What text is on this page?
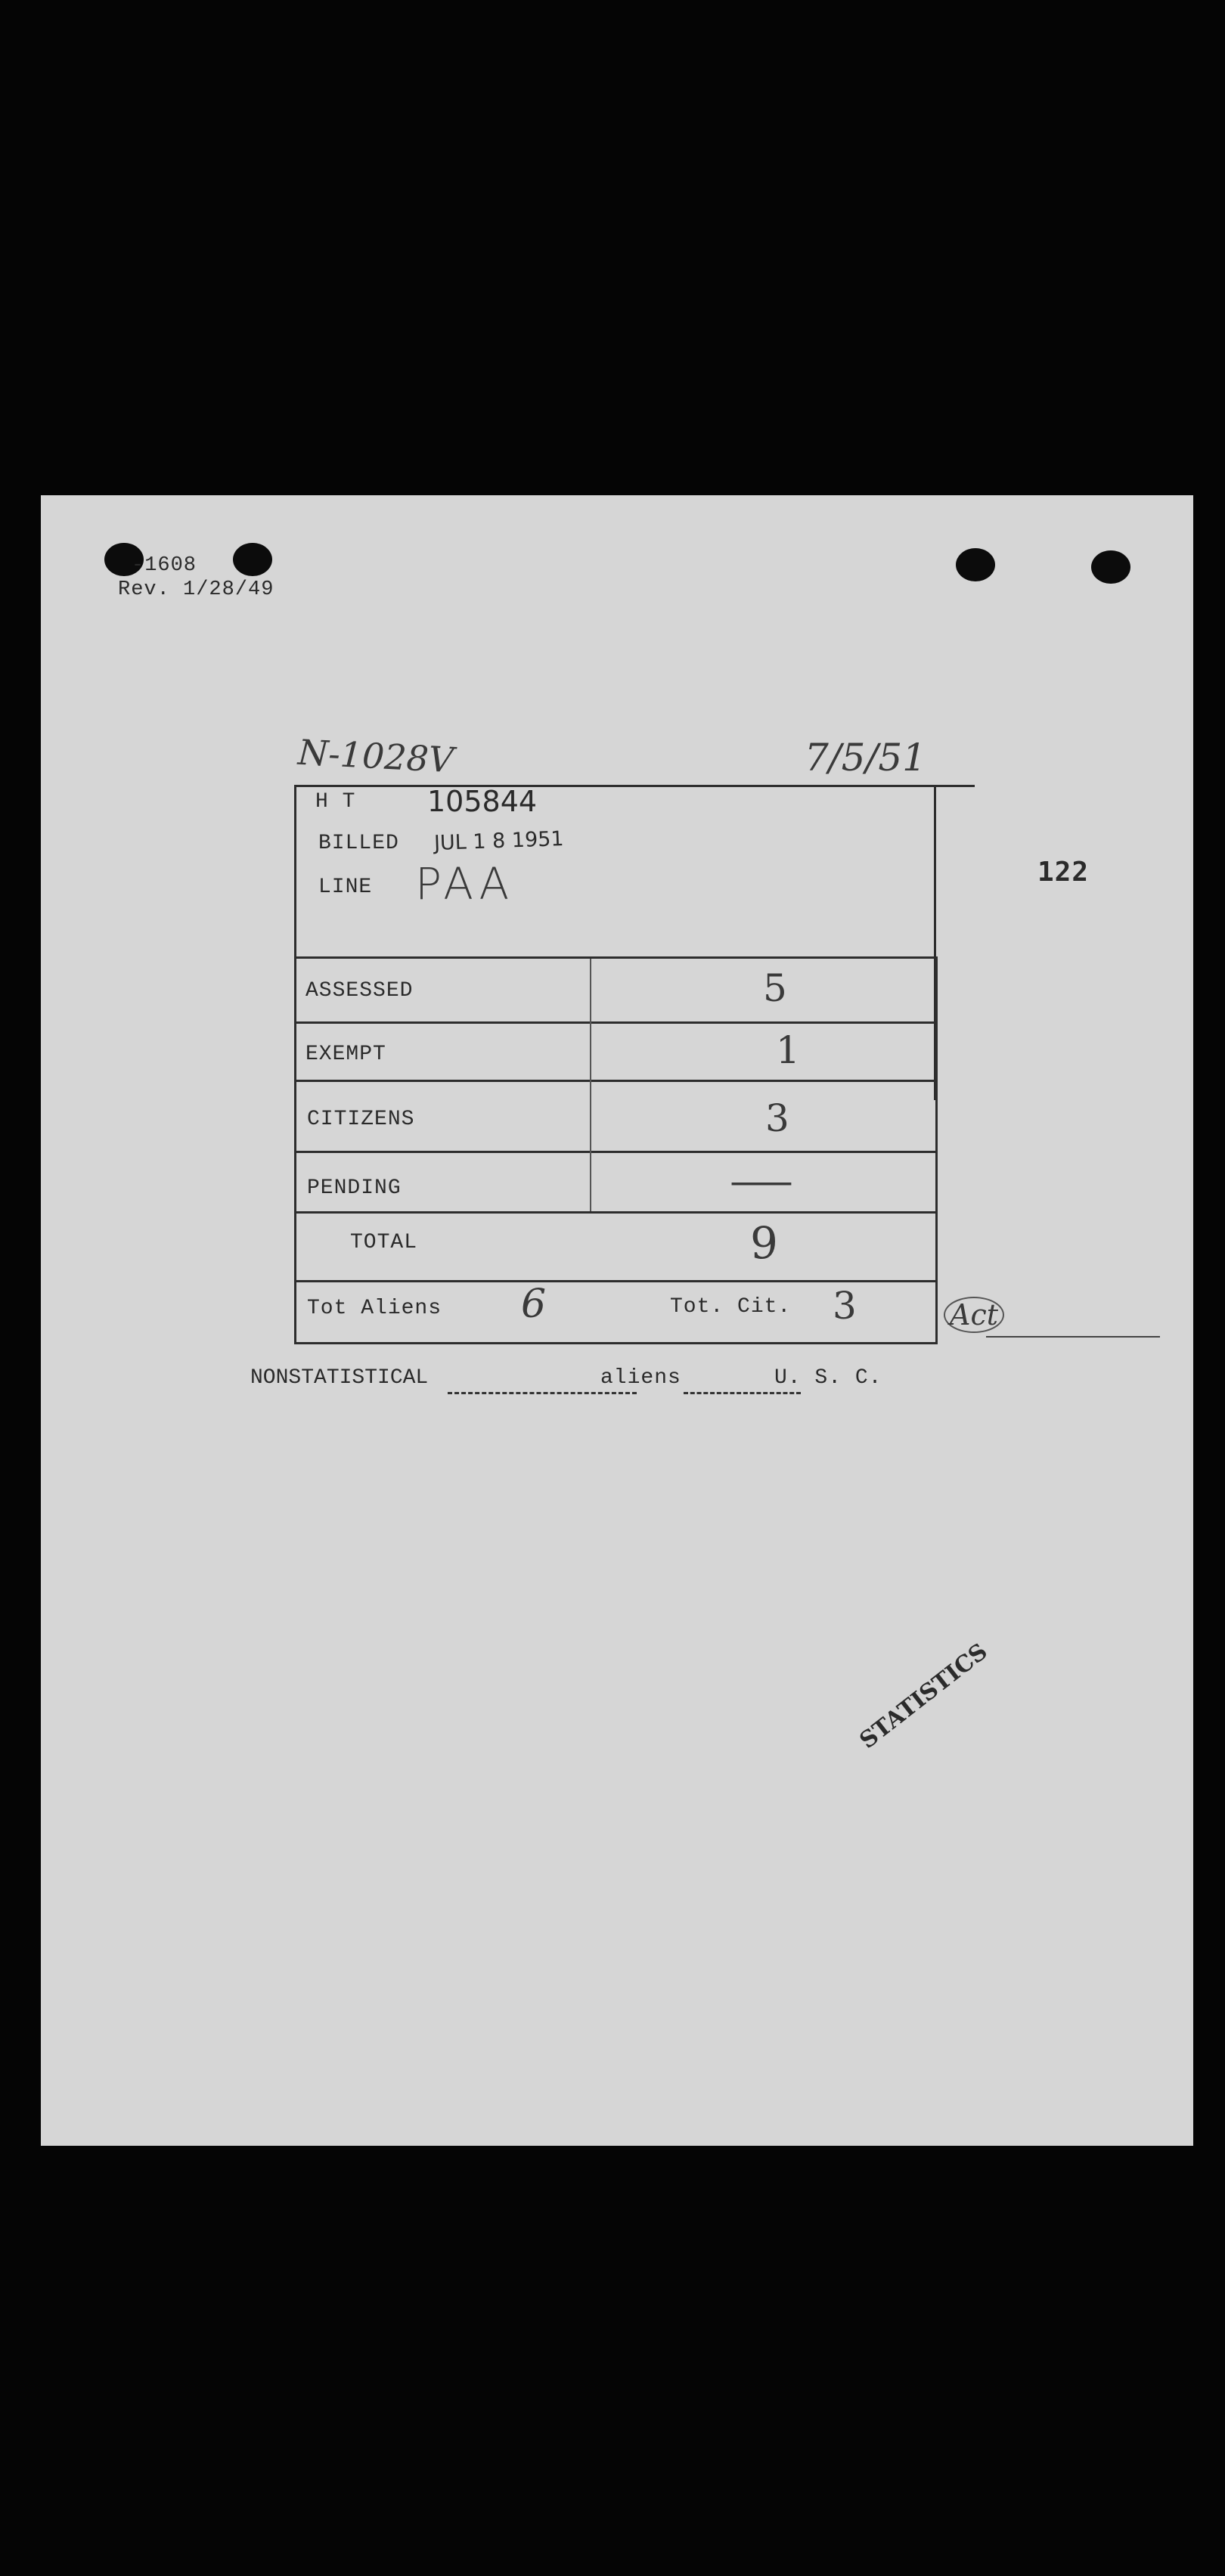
-1608
Rev. 1/28/49
122
N-1028V	7/5/51
H T 105844
BILLED JUL 1 8 1951
LINE PAA
ASSESSED	5
EXEMPT	1
CITIZENS	3
PENDING	—
TOTAL	9
Tot Aliens 6	Tot. Cit. 3	Act
NONSTATISTICAL	aliens	U. S. C.
STATISTICS
